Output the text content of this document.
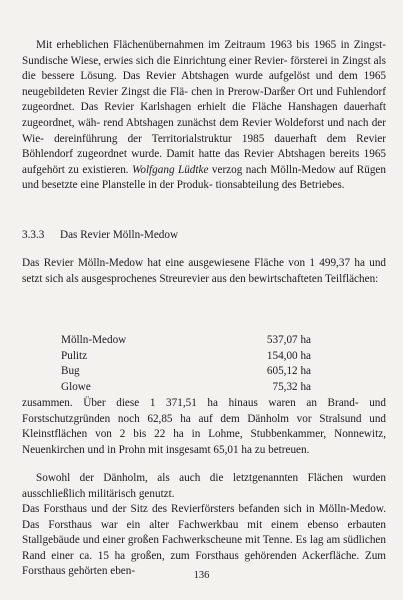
Mit erheblichen Flächenübernahmen im Zeitraum 1963 bis 1965 in Zingst-Sundische Wiese, erwies sich die Einrichtung einer Revier- försterei in Zingst als die bessere Lösung. Das Revier Abtshagen wurde aufgelöst und dem 1965 neugebildeten Revier Zingst die Flä- chen in Prerow-Darßer Ort und Fuhlendorf zugeordnet. Das Revier Karlshagen erhielt die Fläche Hanshagen dauerhaft zugeordnet, wäh- rend Abtshagen zunächst dem Revier Woldeforst und nach der Wie- dereinführung der Territorialstruktur 1985 dauerhaft dem Revier Böhlendorf zugeordnet wurde. Damit hatte das Revier Abtshagen bereits 1965 aufgehört zu existieren. Wolfgang Lüdtke verzog nach Mölln-Medow auf Rügen und besetzte eine Planstelle in der Produk- tionsabteilung des Betriebes.
3.3.3 Das Revier Mölln-Medow
Das Revier Mölln-Medow hat eine ausgewiesene Fläche von 1 499,37 ha und setzt sich als ausgesprochenes Streurevier aus den bewirtschafteten Teilflächen:
Mölln-Medow	537,07 ha
Pulitz	154,00 ha
Bug	605,12 ha
Glowe	75,32 ha
zusammen. Über diese 1 371,51 ha hinaus waren an Brand- und Forstschutzgründen noch 62,85 ha auf dem Dänholm vor Stralsund und Kleinstflächen von 2 bis 22 ha in Lohme, Stubbenkammer, Nonnewitz, Neuenkirchen und in Prohn mit insgesamt 65,01 ha zu betreuen.
Sowohl der Dänholm, als auch die letztgenannten Flächen wurden ausschließlich militärisch genutzt.
Das Forsthaus und der Sitz des Revierförsters befanden sich in Mölln-Medow. Das Forsthaus war ein alter Fachwerkbau mit einem ebenso erbauten Stallgebäude und einer großen Fachwerkscheune mit Tenne. Es lag am südlichen Rand einer ca. 15 ha großen, zum Forsthaus gehörenden Ackerfläche. Zum Forsthaus gehörten eben-	136
